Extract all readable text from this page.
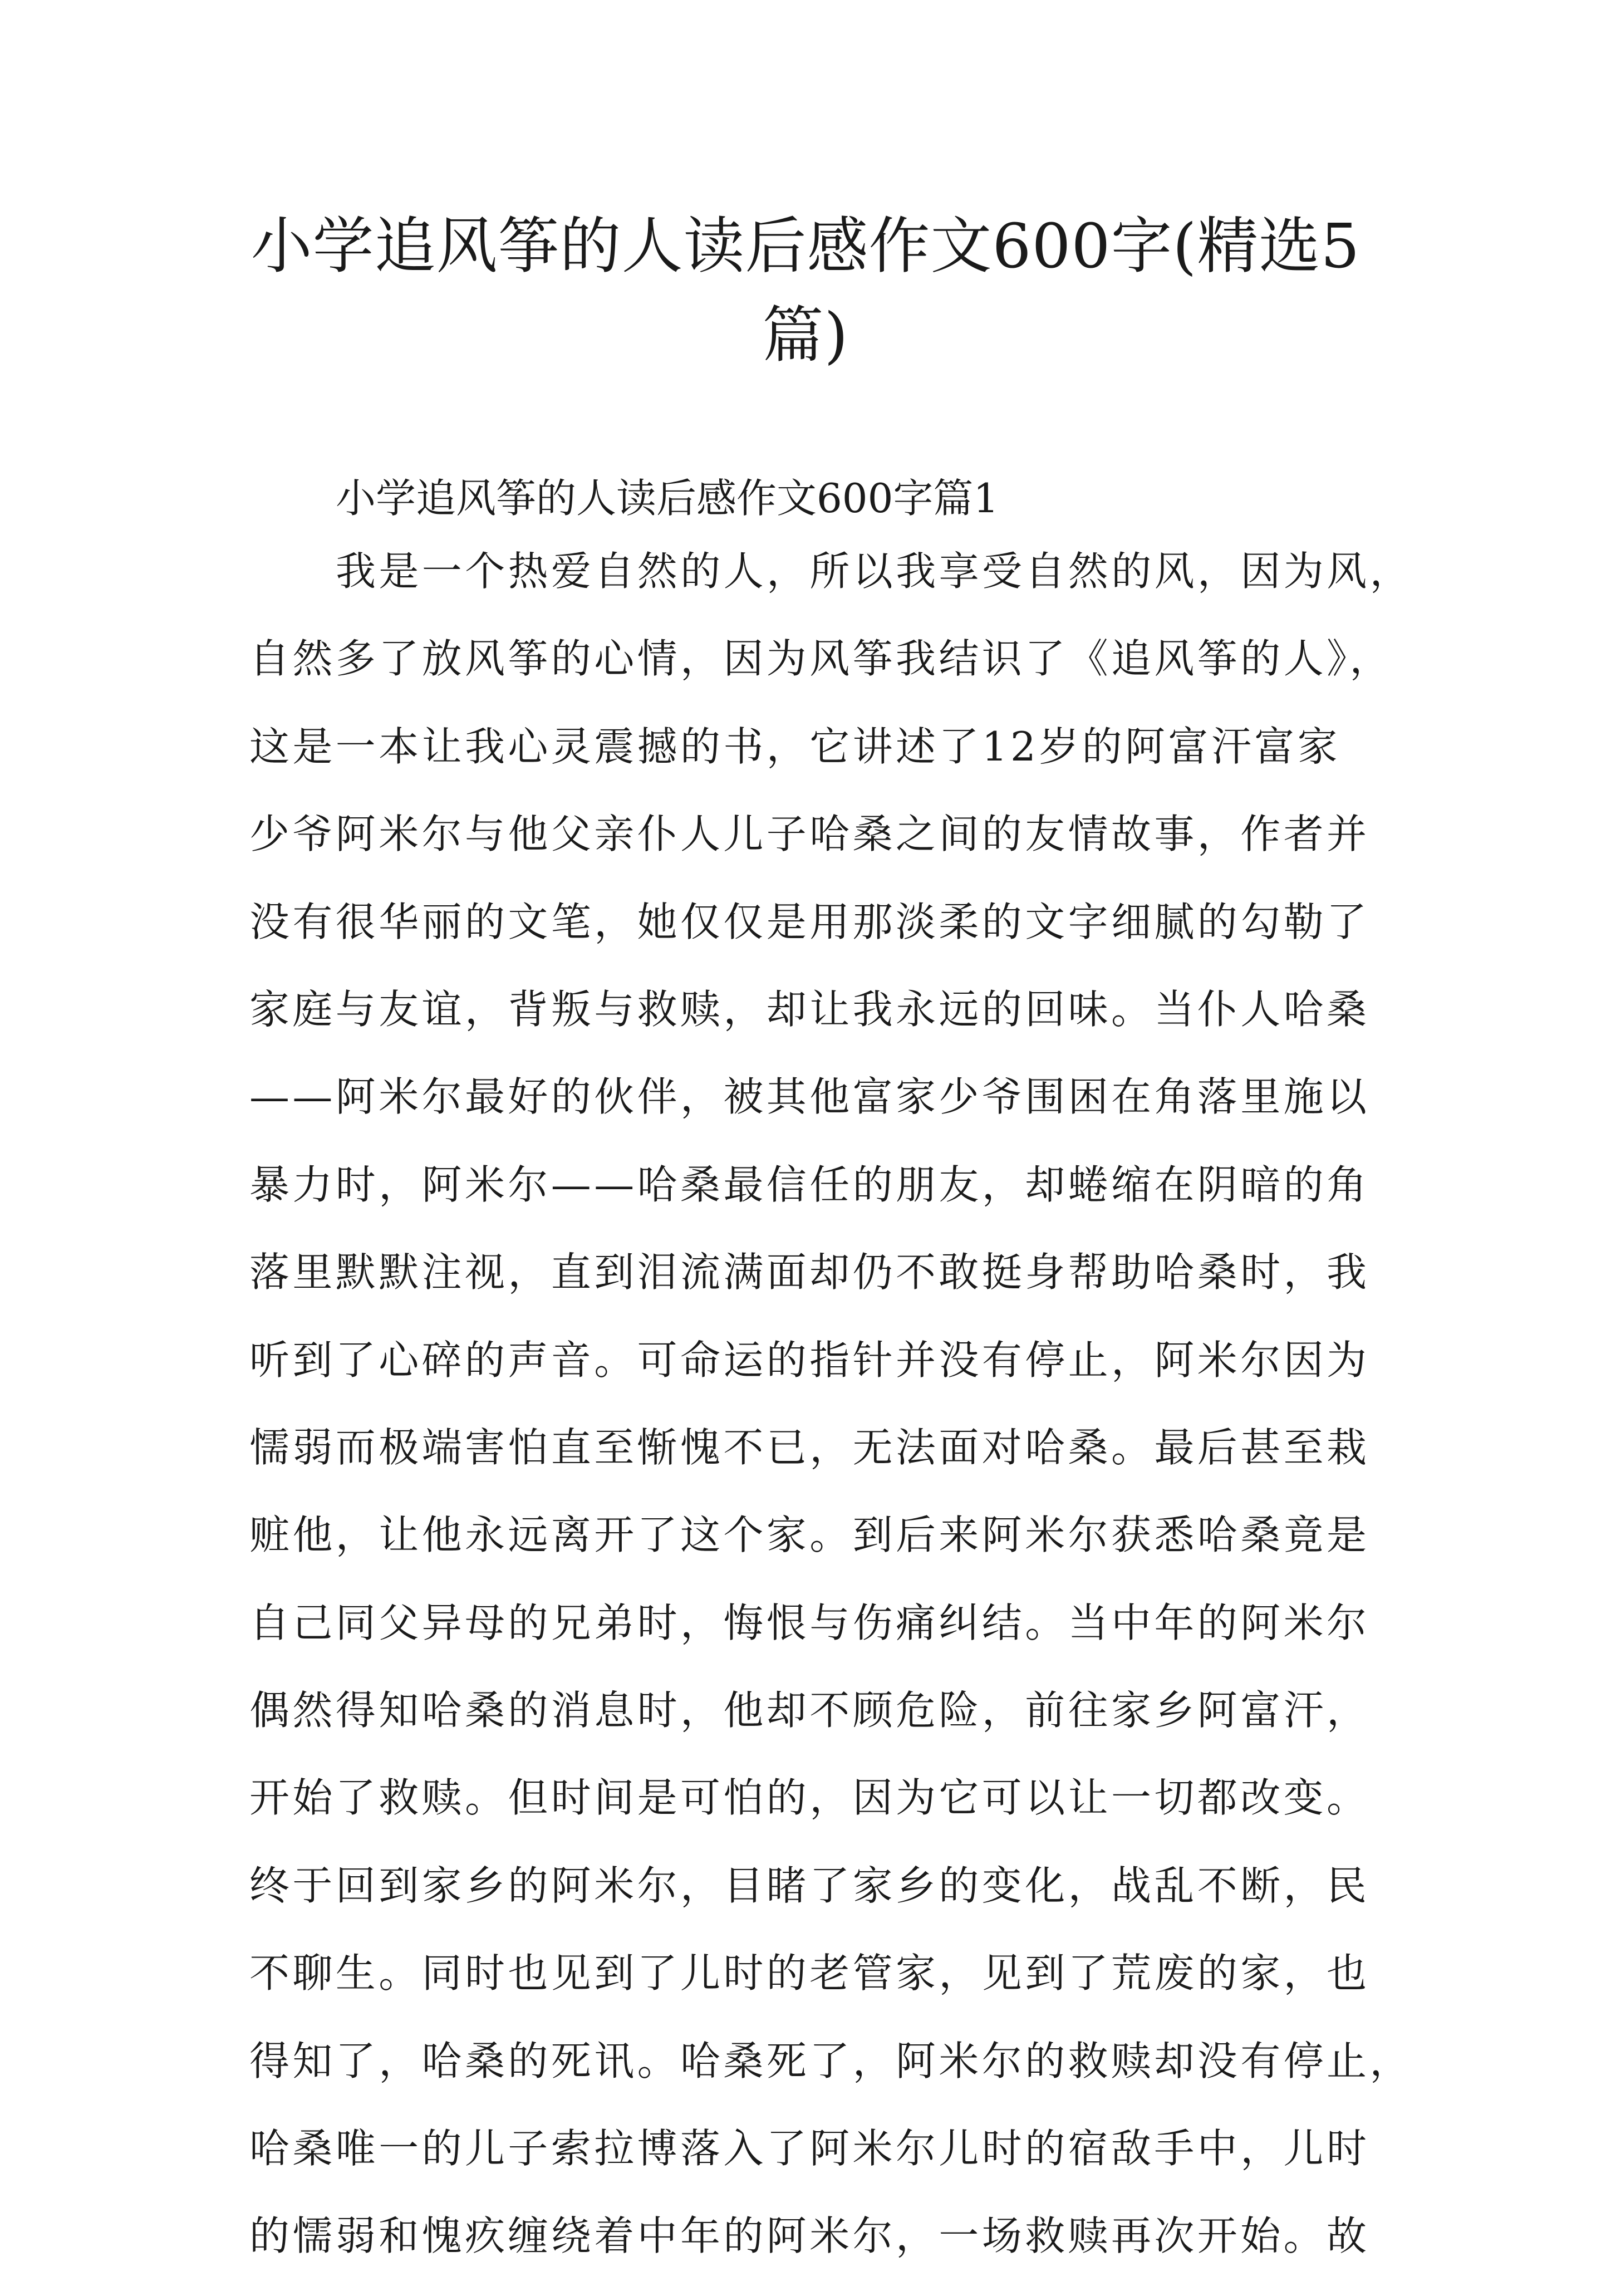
小学追风筝的人读后感作文600字(精选5
篇)

小学追风筝的人读后感作文600字篇1

我是一个热爱自然的人，所以我享受自然的风，因为风，
自然多了放风筝的心情，因为风筝我结识了《追风筝的人》，
这是一本让我心灵震撼的书，它讲述了12岁的阿富汗富家
少爷阿米尔与他父亲仆人儿子哈桑之间的友情故事，作者并
没有很华丽的文笔，她仅仅是用那淡柔的文字细腻的勾勒了
家庭与友谊，背叛与救赎，却让我永远的回味。当仆人哈桑
——阿米尔最好的伙伴，被其他富家少爷围困在角落里施以
暴力时，阿米尔——哈桑最信任的朋友，却蜷缩在阴暗的角
落里默默注视，直到泪流满面却仍不敢挺身帮助哈桑时，我
听到了心碎的声音。可命运的指针并没有停止，阿米尔因为
懦弱而极端害怕直至惭愧不已，无法面对哈桑。最后甚至栽
赃他，让他永远离开了这个家。到后来阿米尔获悉哈桑竟是
自己同父异母的兄弟时，悔恨与伤痛纠结。当中年的阿米尔
偶然得知哈桑的消息时，他却不顾危险，前往家乡阿富汗，
开始了救赎。但时间是可怕的，因为它可以让一切都改变。
终于回到家乡的阿米尔，目睹了家乡的变化，战乱不断，民
不聊生。同时也见到了儿时的老管家，见到了荒废的家，也
得知了，哈桑的死讯。哈桑死了，阿米尔的救赎却没有停止，
哈桑唯一的儿子索拉博落入了阿米尔儿时的宿敌手中，儿时
的懦弱和愧疚缠绕着中年的阿米尔，一场救赎再次开始。故
